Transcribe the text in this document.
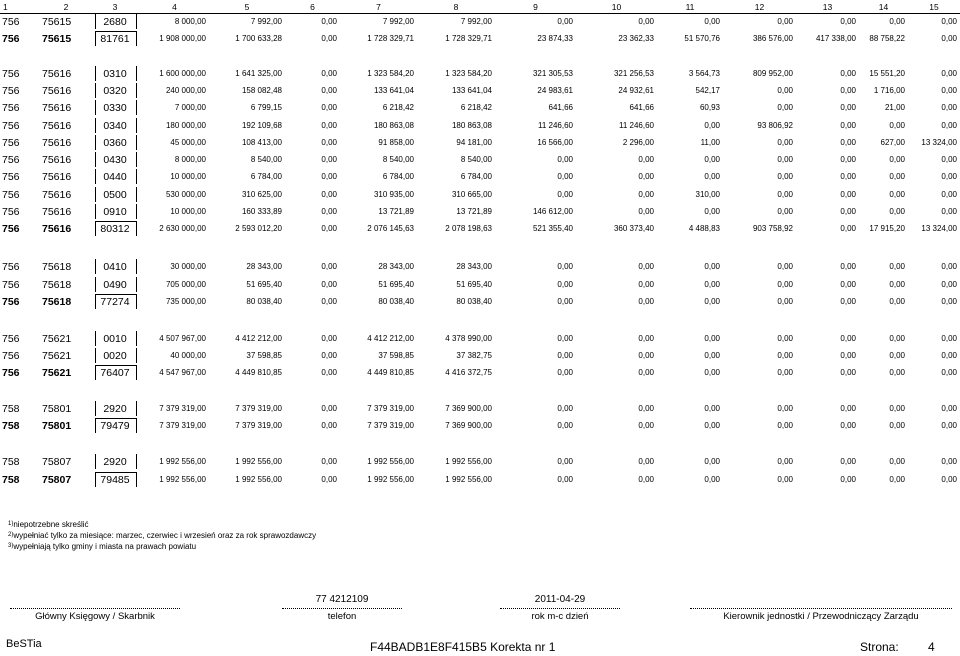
1	2	3	4	5	6	7	8	9	10	11	12	13	14	15
756	75615	2680	8 000,00	7 992,00	0,00	7 992,00	7 992,00	0,00	0,00	0,00	0,00	0,00	0,00	0,00
756	75615	81761	1 908 000,00	1 700 633,28	0,00	1 728 329,71	1 728 329,71	23 874,33	23 362,33	51 570,76	386 576,00	417 338,00	88 758,22	0,00
756	75616	0310	1 600 000,00	1 641 325,00	0,00	1 323 584,20	1 323 584,20	321 305,53	321 256,53	3 564,73	809 952,00	0,00	15 551,20	0,00
756	75616	0320	240 000,00	158 082,48	0,00	133 641,04	133 641,04	24 983,61	24 932,61	542,17	0,00	0,00	1 716,00	0,00
756	75616	0330	7 000,00	6 799,15	0,00	6 218,42	6 218,42	641,66	641,66	60,93	0,00	0,00	21,00	0,00
756	75616	0340	180 000,00	192 109,68	0,00	180 863,08	180 863,08	11 246,60	11 246,60	0,00	93 806,92	0,00	0,00	0,00
756	75616	0360	45 000,00	108 413,00	0,00	91 858,00	94 181,00	16 566,00	2 296,00	11,00	0,00	0,00	627,00	13 324,00
756	75616	0430	8 000,00	8 540,00	0,00	8 540,00	8 540,00	0,00	0,00	0,00	0,00	0,00	0,00	0,00
756	75616	0440	10 000,00	6 784,00	0,00	6 784,00	6 784,00	0,00	0,00	0,00	0,00	0,00	0,00	0,00
756	75616	0500	530 000,00	310 625,00	0,00	310 935,00	310 665,00	0,00	0,00	310,00	0,00	0,00	0,00	0,00
756	75616	0910	10 000,00	160 333,89	0,00	13 721,89	13 721,89	146 612,00	0,00	0,00	0,00	0,00	0,00	0,00
756	75616	80312	2 630 000,00	2 593 012,20	0,00	2 076 145,63	2 078 198,63	521 355,40	360 373,40	4 488,83	903 758,92	0,00	17 915,20	13 324,00
756	75618	0410	30 000,00	28 343,00	0,00	28 343,00	28 343,00	0,00	0,00	0,00	0,00	0,00	0,00	0,00
756	75618	0490	705 000,00	51 695,40	0,00	51 695,40	51 695,40	0,00	0,00	0,00	0,00	0,00	0,00	0,00
756	75618	77274	735 000,00	80 038,40	0,00	80 038,40	80 038,40	0,00	0,00	0,00	0,00	0,00	0,00	0,00
756	75621	0010	4 507 967,00	4 412 212,00	0,00	4 412 212,00	4 378 990,00	0,00	0,00	0,00	0,00	0,00	0,00	0,00
756	75621	0020	40 000,00	37 598,85	0,00	37 598,85	37 382,75	0,00	0,00	0,00	0,00	0,00	0,00	0,00
756	75621	76407	4 547 967,00	4 449 810,85	0,00	4 449 810,85	4 416 372,75	0,00	0,00	0,00	0,00	0,00	0,00	0,00
758	75801	2920	7 379 319,00	7 379 319,00	0,00	7 379 319,00	7 369 900,00	0,00	0,00	0,00	0,00	0,00	0,00	0,00
758	75801	79479	7 379 319,00	7 379 319,00	0,00	7 379 319,00	7 369 900,00	0,00	0,00	0,00	0,00	0,00	0,00	0,00
758	75807	2920	1 992 556,00	1 992 556,00	0,00	1 992 556,00	1 992 556,00	0,00	0,00	0,00	0,00	0,00	0,00	0,00
758	75807	79485	1 992 556,00	1 992 556,00	0,00	1 992 556,00	1 992 556,00	0,00	0,00	0,00	0,00	0,00	0,00	0,00
$^{1)}$niepotrzebne skreślić
$^{2)}$wypełniać tylko za miesiące: marzec, czerwiec i wrzesień oraz za rok sprawozdawczy
$^{3)}$wypełniają tylko gminy i miasta na prawach powiatu
Główny Księgowy / Skarbnik
77 4212109
telefon
2011-04-29
rok m-c dzień	Kierownik jednostki / Przewodniczący Zarządu
BeSTia	F44BADB1E8F415B5 Korekta nr 1	Strona: 4
